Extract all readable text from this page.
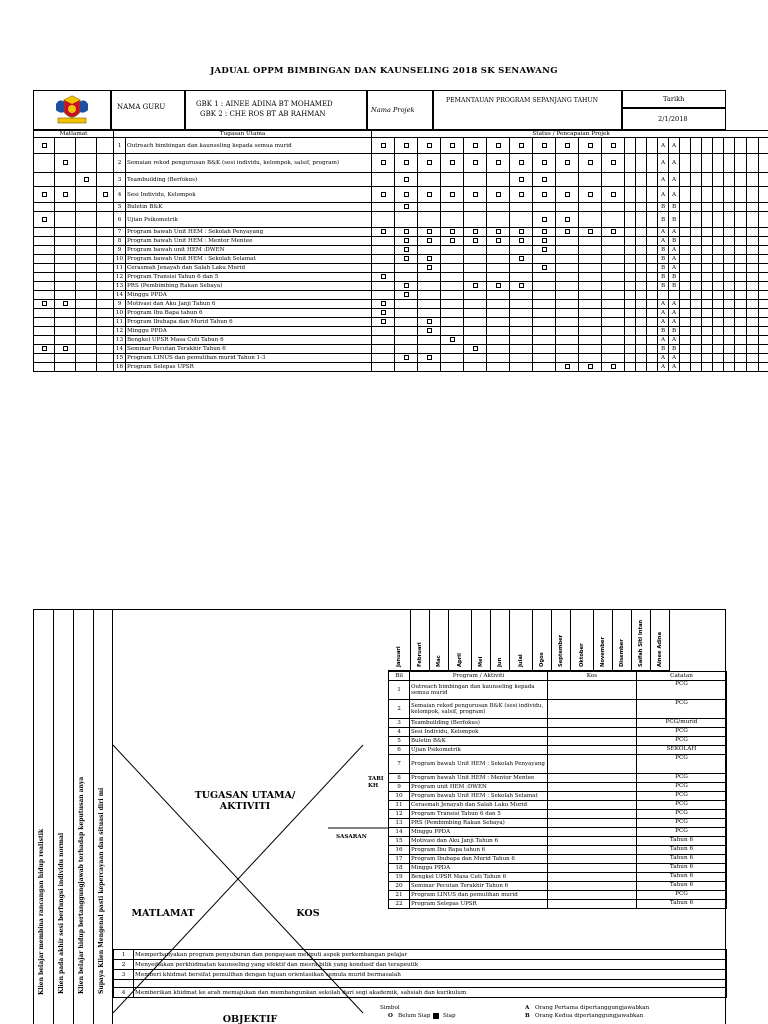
JADUAL OPPM BIMBINGAN DAN KAUNSELING 2018 SK SENAWANG
NAMA GURU	GBK 1 : AINEE ADINA BT MOHAMED
GBK 2 : CHE ROS BT AB RAHMAN	Nama Projek
PEMANTAUAN PROGRAM SEPANJANG TAHUN	Tarikh
2/1/2018
Matlamat				Tugasan Utama		Status / Pencapaian Projek																							
				1	Outreach bimbingan dan kaunseling kepada semua murid															A	A								
				2	Semaian rekod pengurusan B&K (sesi individu, kelompok, salsif, program)															A	A								
				3	Teambuilding (Berfokus)															A	A								
				4	Sesi Individu, Kelompok															A	A								
				5	Buletin B&K															B	B								
				6	Ujian Psikometrik															B	B								
				7	Program bawah Unit HEM : Sekolah Penyayang															A	A								
				8	Program bawah Unit HEM : Mentor Mentee															A	B								
				9	Program bawah unit HEM :DWEN															B	A								
				10	Program bawah Unit HEM : Sekolah Selamat															B	A								
				11	Cerasmah Jenayah dan Salah Laku Murid															B	A								
				12	Program Transisi Tahun 6 dan 5															B	B								
				13	PRS (Pembimbing Rakan Sebaya)															B	B								
				14	Minggu PPDA																								
				9	Motivasi dan Aku Janji Tahun 6															A	A								
				10	Program Ibu Bapa tahun 6															A	A								
				11	Program Ibubapa dan Murid Tahun 6															A	A								
				12	Minggu PPDA															B	B								
				13	Bengkel UPSR Masa Cuti Tahun 6															A	A								
				14	Seminar Pecutan Terakhir Tahun 6															B	B								
				15	Program LINUS dan pemulihan murid Tahun 1-3															A	A								
				16	Program Selepas UPSR															A	A								
Klien belajar membina rancangan hidup realistik Klien pada akhir sesi berfungsi individu normal Klien belajar hidup bertanggungjawab terhadap keputusan anya Supaya Klien Mengenal pasti kepercayaan dan situasi diri mi	TUGASAN UTAMA/
AKTIVITI
MATLAMAT	KOS
OBJEKTIF
TARI
KH
SASARAN
Januari	Februari	Mac	April	Mei	Jun	Julai	Ogos	September	Oktober	November	Disember	Saifah Siti Intan	Ainee Adina
Bil	Program / Aktiviti	Kos	Catatan
1	Outreach bimbingan dan kaunseling kepada semua murid		PCG
2	Semaian rekod pengurusan B&K (sesi individu, kelompok, salsif, program)		PCG
3	Teambuilding (Berfokus)		PCG/murid
4	Sesi Individu, Kelompok		PCG
5	Buletin B&K		PCG
6	Ujian Psikometrik		SEKOLAH
7	Program bawah Unit HEM : Sekolah Penyayang		PCG
8	Program bawah Unit HEM : Mentor Mentee		PCG
9	Program unit HEM :DWEN		PCG
10	Program bawah Unit HEM : Sekolah Selamat		PCG
11	Cerasmah Jenayah dan Salah Laku Murid		PCG
12	Program Transisi Tahun 6 dan 5		PCG
13	PRS (Pembimbing Rakan Sebaya)		PCG
14	Minggu PPDA		PCG
15	Motivasi dan Aku Janji Tahun 6		Tahun 6
16	Program Ibu Bapa tahun 6		Tahun 6
17	Program Ibubapa dan Murid Tahun 6		Tahun 6
18	Minggu PPDA		Tahun 6
19	Bengkel UPSR Masa Cuti Tahun 6		Tahun 6
20	Seminar Pecutan Terakhir Tahun 6		Tahun 6
21	Program LINUS dan pemulihan murid		PCG
22	Program Selepas UPSR		Tahun 6
1	Memperbanyakan program penyuburan dan pengayaan meliputi aspek perkembangan pelajar
2	Menyediakan perkhidmatan kaunseling yang efektif dan mesra,bilik yang kondusif dan terapeutik
3	Memberi khidmat bersifat pemulihan dengan tujuan orientasikan semula murid bermasalah

4	Memberikan khidmat ke arah memajukan dan membangunkan sekolah dari segi akademik, sahsiah dan kurikulum
Simbol
O Belum Siap Siap
A Orang Pertama dipertanggungjawabkan
B Orang Kedua dipertanggungjawabkan
